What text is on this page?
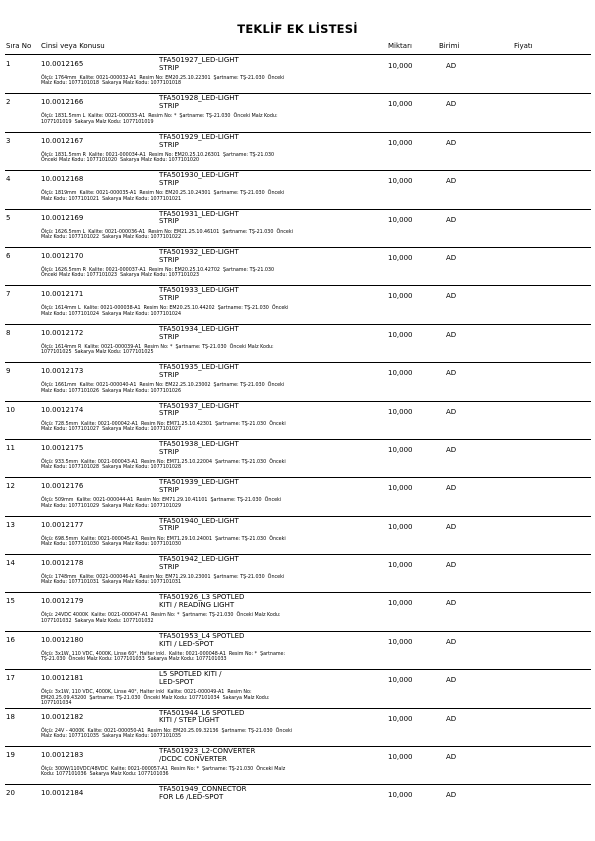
TEKLİF EK LİSTESİ
Sıra No Cinsi veya Konusu	Miktarı	Birimi	Fiyatı
1	10.0012165	TFA501927_LED-LIGHT
STRIP	10,000	AD
Ölçü: 1764mm  Kalite: 0021-000032-A1  Resim No: EM20.25.10.22301  Şartname: TŞ-21.030  Önceki
Malz Kodu: 1077101018  Sakarya Malz Kodu: 1077101018
2	10.0012166	TFA501928_LED-LIGHT
STRIP	10,000	AD
Ölçü: 1831.5mm L  Kalite: 0021-000033-A1  Resim No: *  Şartname: TŞ-21.030  Önceki Malz Kodu:
1077101019  Sakarya Malz Kodu: 1077101019
3	10.0012167	TFA501929_LED-LIGHT
STRIP	10,000	AD
Ölçü: 1831.5mm R  Kalite: 0021-000034-A1  Resim No: EM20.25.10.26301  Şartname: TŞ-21.030
Önceki Malz Kodu: 1077101020  Sakarya Malz Kodu: 1077101020
4	10.0012168	TFA501930_LED-LIGHT
STRIP	10,000	AD
Ölçü: 1819mm  Kalite: 0021-000035-A1  Resim No: EM20.25.10.24301  Şartname: TŞ-21.030  Önceki
Malz Kodu: 1077101021  Sakarya Malz Kodu: 1077101021
5	10.0012169	TFA501931_LED-LIGHT
STRIP	10,000	AD
Ölçü: 1626.5mm L  Kalite: 0021-000036-A1  Resim No: EM21.25.10.46101  Şartname: TŞ-21.030  Önceki
Malz Kodu: 1077101022  Sakarya Malz Kodu: 1077101022
6	10.0012170	TFA501932_LED-LIGHT
STRIP	10,000	AD
Ölçü: 1626.5mm R  Kalite: 0021-000037-A1  Resim No: EM20.25.10.42702  Şartname: TŞ-21.030
Önceki Malz Kodu: 1077101023  Sakarya Malz Kodu: 1077101023
7	10.0012171	TFA501933_LED-LIGHT
STRIP	10,000	AD
Ölçü: 1614mm L  Kalite: 0021-000038-A1  Resim No: EM20.25.10.44202  Şartname: TŞ-21.030  Önceki
Malz Kodu: 1077101024  Sakarya Malz Kodu: 1077101024
8	10.0012172	TFA501934_LED-LIGHT
STRIP	10,000	AD
Ölçü: 1614mm R  Kalite: 0021-000039-A1  Resim No: *  Şartname: TŞ-21.030  Önceki Malz Kodu:
1077101025  Sakarya Malz Kodu: 1077101025
9	10.0012173	TFA501935_LED-LIGHT
STRIP	10,000	AD
Ölçü: 1661mm  Kalite: 0021-000040-A1  Resim No: EM22.25.10.23002  Şartname: TŞ-21.030  Önceki
Malz Kodu: 1077101026  Sakarya Malz Kodu: 1077101026
10	10.0012174	TFA501937_LED-LIGHT
STRIP	10,000	AD
Ölçü: 728.5mm  Kalite: 0021-000042-A1  Resim No: EM71.25.10.42301  Şartname: TŞ-21.030  Önceki
Malz Kodu: 1077101027  Sakarya Malz Kodu: 1077101027
11	10.0012175	TFA501938_LED-LIGHT
STRIP	10,000	AD
Ölçü: 933.5mm  Kalite: 0021-000043-A1  Resim No: EM71.25.10.22004  Şartname: TŞ-21.030  Önceki
Malz Kodu: 1077101028  Sakarya Malz Kodu: 1077101028
12	10.0012176	TFA501939_LED-LIGHT
STRIP	10,000	AD
Ölçü: 509mm  Kalite: 0021-000044-A1  Resim No: EM71.29.10.41101  Şartname: TŞ-21.030  Önceki
Malz Kodu: 1077101029  Sakarya Malz Kodu: 1077101029
13	10.0012177	TFA501940_LED-LIGHT
STRIP	10,000	AD
Ölçü: 698.5mm  Kalite: 0021-000045-A1  Resim No: EM71.29.10.24001  Şartname: TŞ-21.030  Önceki
Malz Kodu: 1077101030  Sakarya Malz Kodu: 1077101030
14	10.0012178	TFA501942_LED-LIGHT
STRIP	10,000	AD
Ölçü: 1748mm  Kalite: 0021-000046-A1  Resim No: EM71.29.10.23001  Şartname: TŞ-21.030  Önceki
Malz Kodu: 1077101031  Sakarya Malz Kodu: 1077101031
15	10.0012179	TFA501926_L3 SPOTLED
KITI / READING LIGHT	10,000	AD
Ölçü: 24VDC 4000K  Kalite: 0021-000047-A1  Resim No: *  Şartname: TŞ-21.030  Önceki Malz Kodu:
1077101032  Sakarya Malz Kodu: 1077101032
16	10.0012180	TFA501953_L4 SPOTLED
KITI / LED-SPOT	10,000	AD
Ölçü: 3x1W, 110 VDC, 4000K, Linse 60°, Halter inkl.  Kalite: 0021-000048-A1  Resim No: *  Şartname:
TŞ-21.030  Önceki Malz Kodu: 1077101033  Sakarya Malz Kodu: 1077101033
17	10.0012181	L5 SPOTLED KITI /
LED-SPOT	10,000	AD
Ölçü: 3x1W, 110 VDC, 4000K, Linse 40°, Halter inkl  Kalite: 0021-000049-A1  Resim No:
EM20.25.09.43200  Şartname: TŞ-21.030  Önceki Malz Kodu: 1077101034  Sakarya Malz Kodu:
1077101034
18	10.0012182	TFA501944_L6 SPOTLED
KITI / STEP LIGHT	10,000	AD
Ölçü: 24V - 4000K  Kalite: 0021-000050-A1  Resim No: EM20.25.09.32136  Şartname: TŞ-21.030  Önceki
Malz Kodu: 1077101035  Sakarya Malz Kodu: 1077101035
19	10.0012183	TFA501923_L2-CONVERTER
/DCDC CONVERTER	10,000	AD
Ölçü: 300W/110VDC/48VDC  Kalite: 0021-000057-A1  Resim No: *  Şartname: TŞ-21.030  Önceki Malz
Kodu: 1077101036  Sakarya Malz Kodu: 1077101036
20	10.0012184	TFA501949_CONNECTOR
FOR L6 /LED-SPOT	10,000	AD
